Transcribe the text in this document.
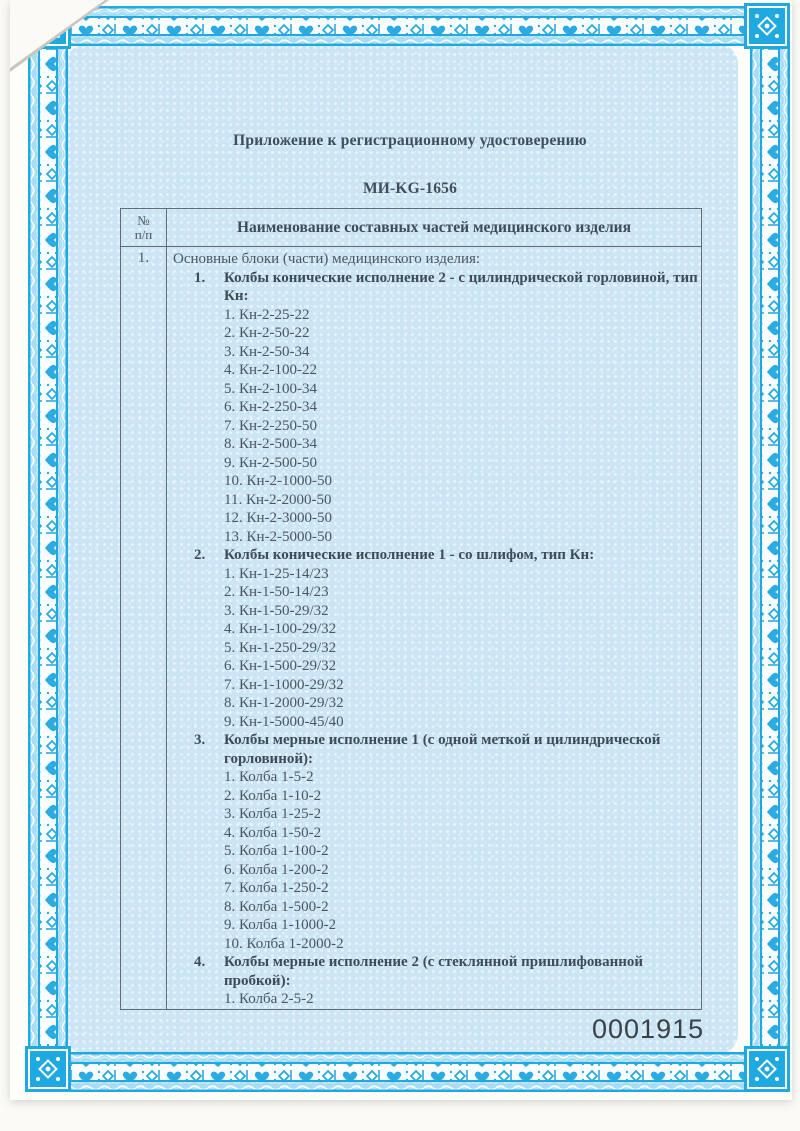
Приложение к регистрационному удостоверению
МИ-KG-1656
№
п/п	Наименование составных частей медицинского изделия
1.	Основные блоки (части) медицинского изделия:
1. Колбы конические исполнение 2 - с цилиндрической горловиной, тип Кн:
1. Кн-2-25-22
2. Кн-2-50-22
3. Кн-2-50-34
4. Кн-2-100-22
5. Кн-2-100-34
6. Кн-2-250-34
7. Кн-2-250-50
8. Кн-2-500-34
9. Кн-2-500-50
10. Кн-2-1000-50
11. Кн-2-2000-50
12. Кн-2-3000-50
13. Кн-2-5000-50
2. Колбы конические исполнение 1 - со шлифом, тип Кн:
1. Кн-1-25-14/23
2. Кн-1-50-14/23
3. Кн-1-50-29/32
4. Кн-1-100-29/32
5. Кн-1-250-29/32
6. Кн-1-500-29/32
7. Кн-1-1000-29/32
8. Кн-1-2000-29/32
9. Кн-1-5000-45/40
3. Колбы мерные исполнение 1 (с одной меткой и цилиндрической горловиной):
1. Колба 1-5-2
2. Колба 1-10-2
3. Колба 1-25-2
4. Колба 1-50-2
5. Колба 1-100-2
6. Колба 1-200-2
7. Колба 1-250-2
8. Колба 1-500-2
9. Колба 1-1000-2
10. Колба 1-2000-2
4. Колбы мерные исполнение 2 (с стеклянной пришлифованной пробкой):
1. Колба 2-5-2
0001915
